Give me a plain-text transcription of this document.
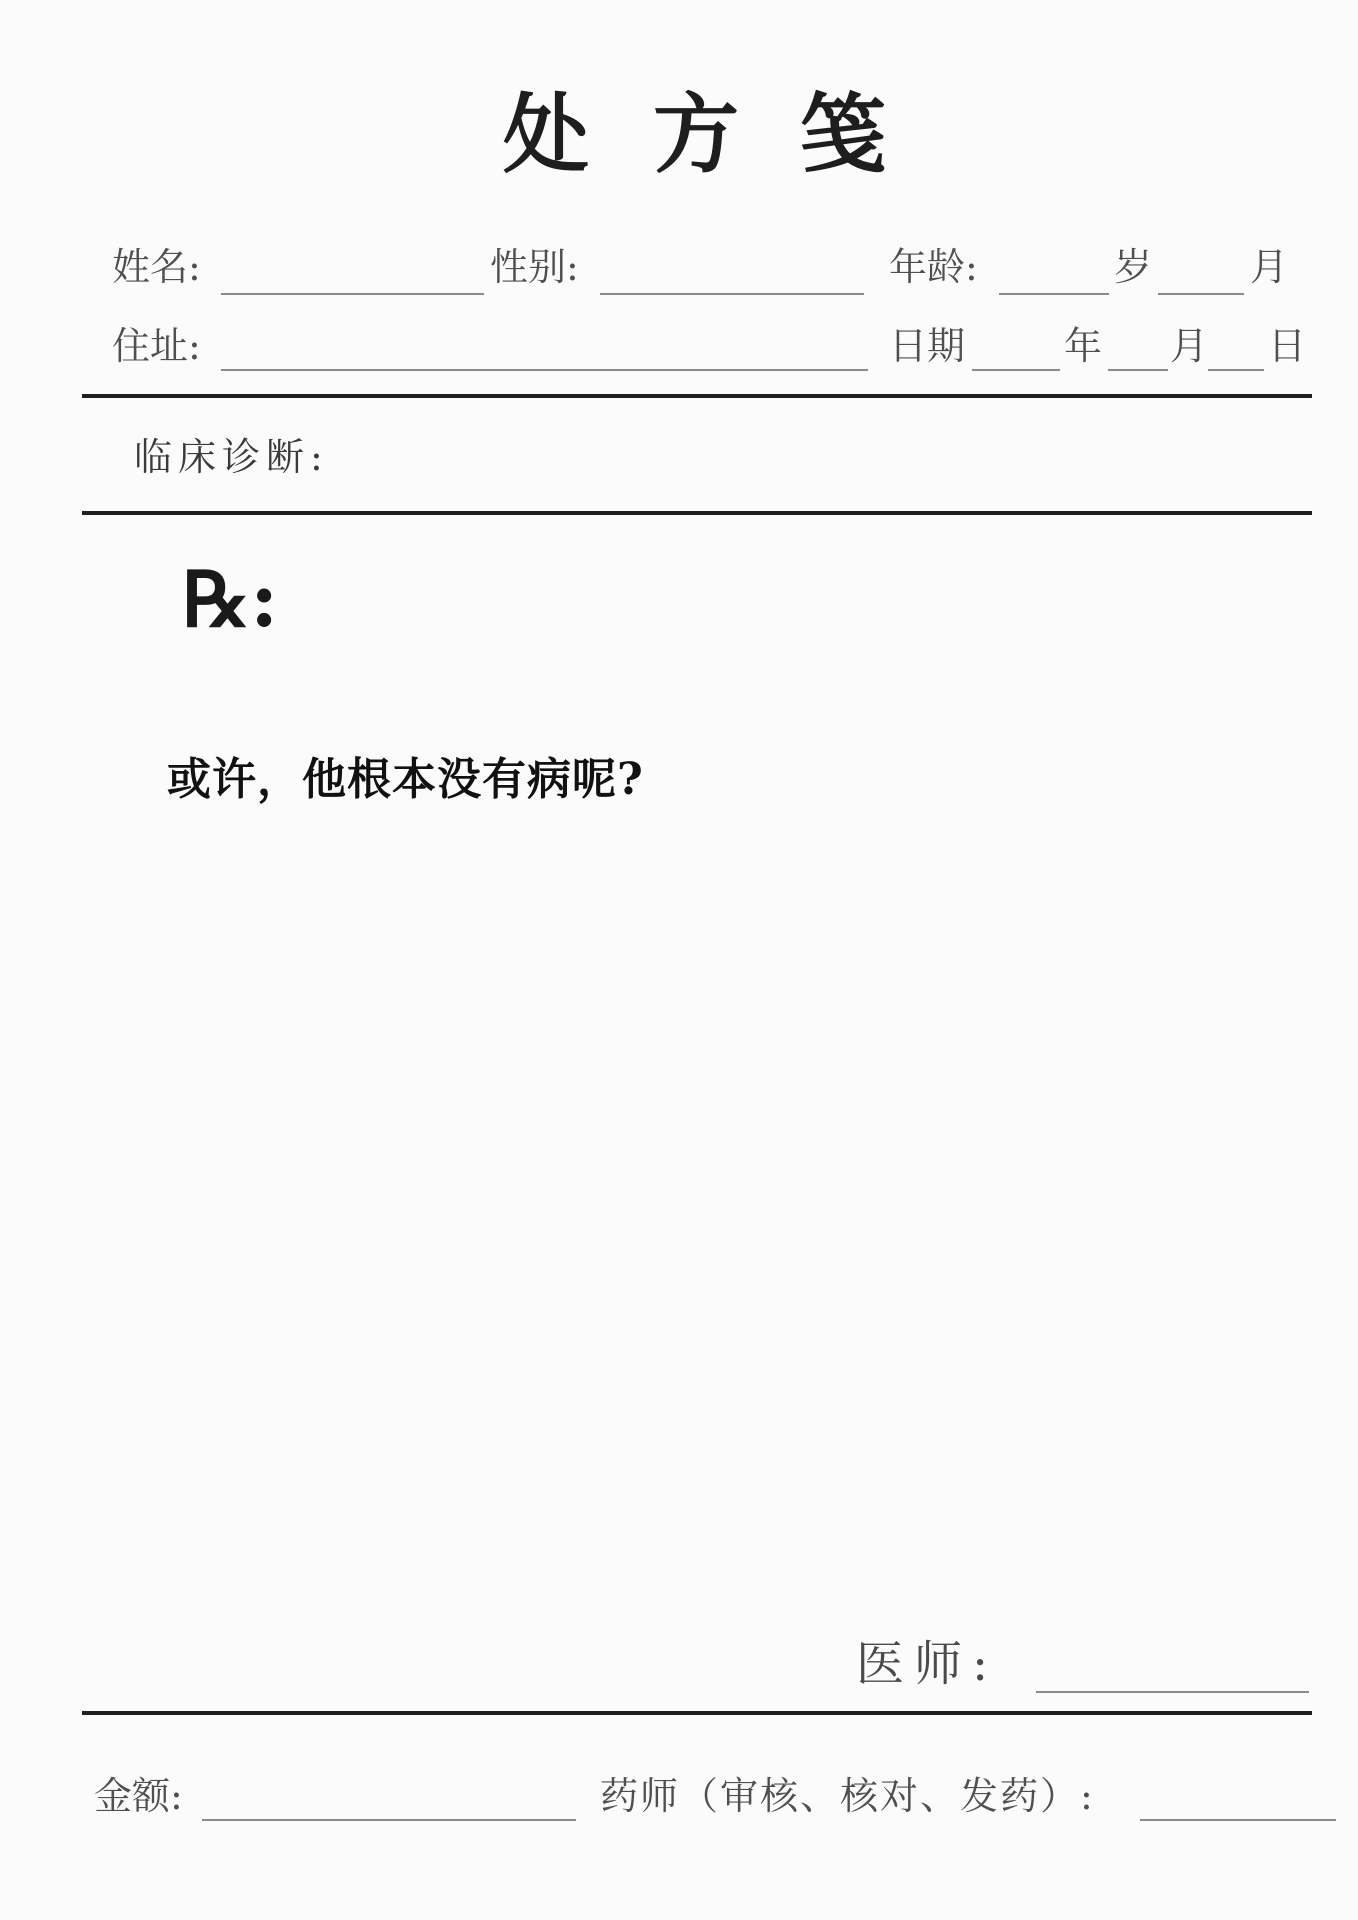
处 方 笺
姓名:	性别:	年龄:	岁	月
住址:	日期	年 月 日
临床诊断:
℞:
或许，他根本没有病呢?
医师:
金额:	药师（审核、核对、发药）:
